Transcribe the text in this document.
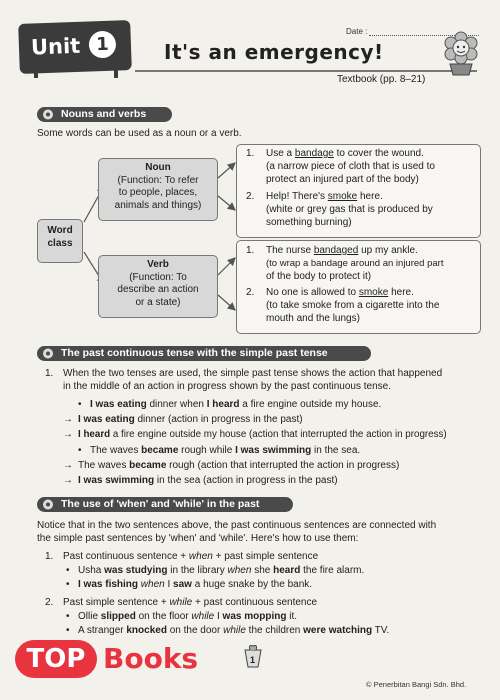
Date :
Unit 1	It's an emergency!
Textbook (pp. 8–21)
Nouns and verbs
Some words can be used as a noun or a verb.
Word
class
Noun
(Function: To refer
to people, places,
animals and things)
Verb
(Function: To
describe an action
or a state)
1. Use a bandage to cover the wound.
(a narrow piece of cloth that is used to
protect an injured part of the body)
2. Help! There's smoke here.
(white or grey gas that is produced by
something burning)
1. The nurse bandaged up my ankle.
(to wrap a bandage around an injured part
of the body to protect it)
2. No one is allowed to smoke here.
(to take smoke from a cigarette into the
mouth and the lungs)
The past continuous tense with the simple past tense
1. When the two tenses are used, the simple past tense shows the action that happened
in the middle of an action in progress shown by the past continuous tense.
• I was eating dinner when I heard a fire engine outside my house.
→ I was eating dinner (action in progress in the past)
→ I heard a fire engine outside my house (action that interrupted the action in progress)
• The waves became rough while I was swimming in the sea.
→ The waves became rough (action that interrupted the action in progress)
→ I was swimming in the sea (action in progress in the past)
The use of 'when' and 'while' in the past
Notice that in the two sentences above, the past continuous sentences are connected with
the simple past sentences by 'when' and 'while'. Here's how to use them:
1. Past continuous sentence + when + past simple sentence
• Usha was studying in the library when she heard the fire alarm.
• I was fishing when I saw a huge snake by the bank.
2. Past simple sentence + while + past continuous sentence
• Ollie slipped on the floor while I was mopping it.
• A stranger knocked on the door while the children were watching TV.
TOP Books	1
© Penerbitan Bangi Sdn. Bhd.
